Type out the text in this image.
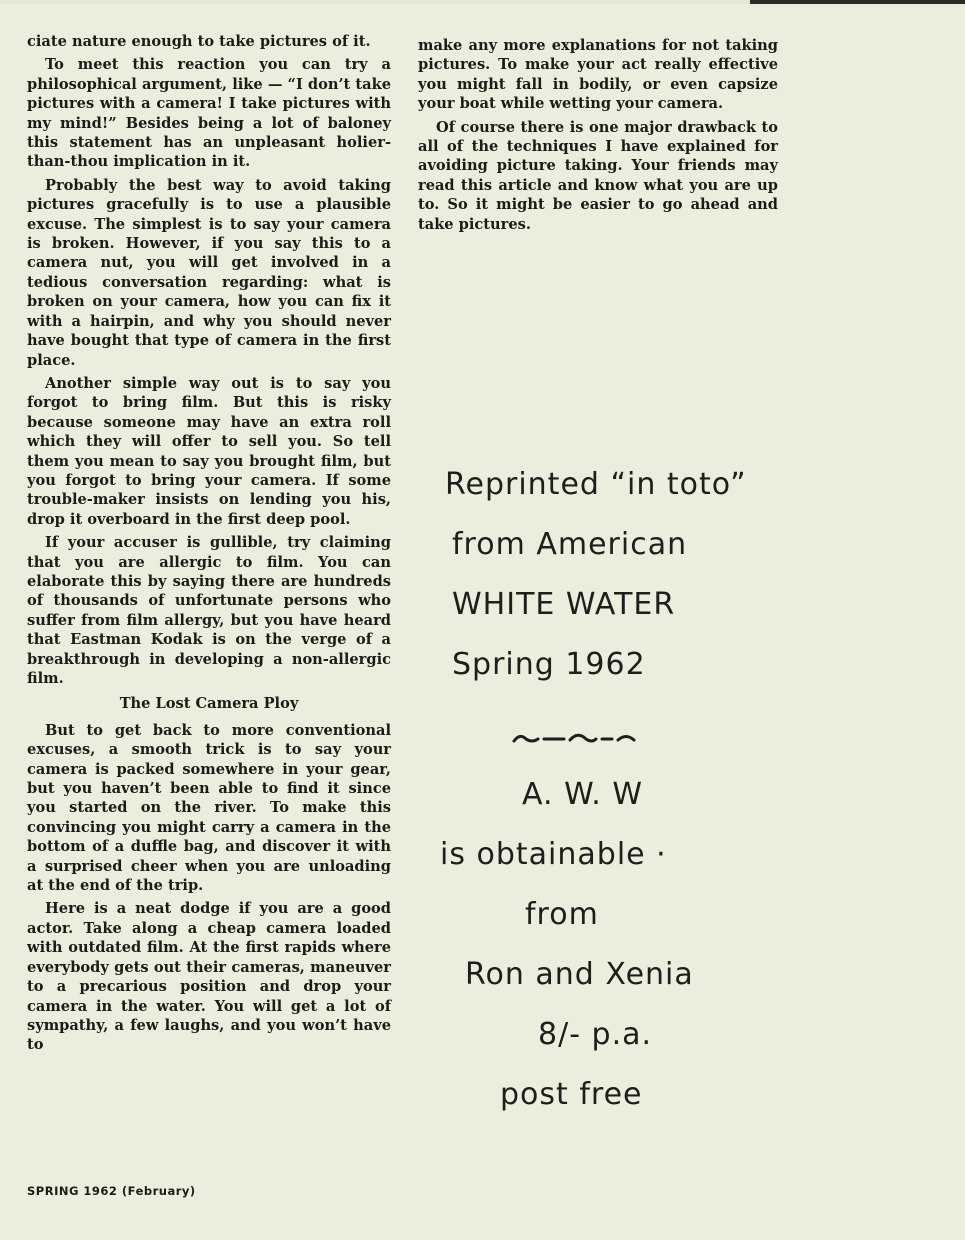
ciate nature enough to take pictures of it.

To meet this reaction you can try a philosophical argument, like — “I don’t take pictures with a camera! I take pictures with my mind!” Besides being a lot of baloney this statement has an unpleasant holier-than-thou implication in it.

Probably the best way to avoid taking pictures gracefully is to use a plausible excuse. The simplest is to say your camera is broken. However, if you say this to a camera nut, you will get involved in a tedious conversation regarding: what is broken on your camera, how you can fix it with a hairpin, and why you should never have bought that type of camera in the first place.

Another simple way out is to say you forgot to bring film. But this is risky because someone may have an extra roll which they will offer to sell you. So tell them you mean to say you brought film, but you forgot to bring your camera. If some trouble-maker insists on lending you his, drop it overboard in the first deep pool.

If your accuser is gullible, try claiming that you are allergic to film. You can elaborate this by saying there are hundreds of thousands of unfortunate persons who suffer from film allergy, but you have heard that Eastman Kodak is on the verge of a breakthrough in developing a non-allergic film.

The Lost Camera Ploy

But to get back to more conventional excuses, a smooth trick is to say your camera is packed somewhere in your gear, but you haven’t been able to find it since you started on the river. To make this convincing you might carry a camera in the bottom of a duffle bag, and discover it with a surprised cheer when you are unloading at the end of the trip.

Here is a neat dodge if you are a good actor. Take along a cheap camera loaded with outdated film. At the first rapids where everybody gets out their cameras, maneuver to a precarious position and drop your camera in the water. You will get a lot of sympathy, a few laughs, and you won’t have to

make any more explanations for not taking pictures. To make your act really effective you might fall in bodily, or even capsize your boat while wetting your camera.

Of course there is one major drawback to all of the techniques I have explained for avoiding picture taking. Your friends may read this article and know what you are up to. So it might be easier to go ahead and take pictures.

Reprinted “in toto”
from American
WHITE WATER
Spring 1962
A. W. W
is obtainable ·
from
Ron and Xenia
8/- p.a.
post free
SPRING 1962 (February)
